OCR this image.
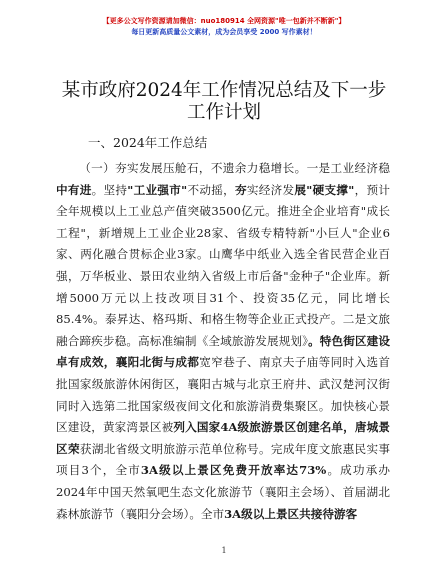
【更多公文写作资源请加微信：nuo180914 全网资源"唯一包新并不断新"】
每日更新高质量公文素材，成为会员享受 2000 写作素材！
某市政府2024年工作情况总结及下一步工作计划
一、2024年工作总结

（一）夯实发展压舱石，不遗余力稳增长。一是工业经济稳中有进。坚持"工业强市"不动摇，夯实经济发展"硬支撑"，预计全年规模以上工业总产值突破3500亿元。推进全企业培育"成长工程"，新增规上工业企业28家、省级专精特新"小巨人"企业6家、两化融合贯标企业3家。山鹰华中纸业入选全省民营企业百强，万华板业、景田农业纳入省级上市后备"金种子"企业库。新增5000万元以上技改项目31个、投资35亿元，同比增长85.4%。泰昇达、格玛斯、和格生物等企业正式投产。二是文旅融合蹄疾步稳。高标准编制《全域旅游发展规划》。特色街区建设卓有成效，襄阳北街与成都宽窄巷子、南京夫子庙等同时入选首批国家级旅游休闲街区，襄阳古城与北京王府井、武汉楚河汉街同时入选第二批国家级夜间文化和旅游消费集聚区。加快核心景区建设，黄家湾景区被列入国家4A级旅游景区创建名单，唐城景区荣获湖北省级文明旅游示范单位称号。完成年度文旅惠民实事项目3个，全市3A级以上景区免费开放率达73%。成功承办2024年中国天然氧吧生态文化旅游节（襄阳主会场）、首届湖北森林旅游节（襄阳分会场）。全市3A级以上景区共接待游客

1
